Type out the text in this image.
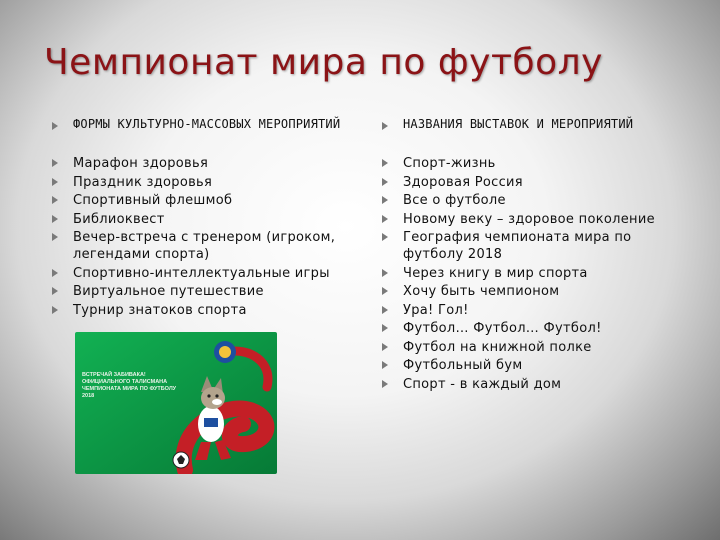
Чемпионат мира по футболу
ФОРМЫ КУЛЬТУРНО-МАССОВЫХ МЕРОПРИЯТИЙ
Марафон здоровья
Праздник здоровья
Спортивный флешмоб
Библиоквест
Вечер-встреча с тренером (игроком, легендами спорта)
Спортивно-интеллектуальные игры
Виртуальное путешествие
Турнир знатоков спорта
НАЗВАНИЯ ВЫСТАВОК И МЕРОПРИЯТИЙ
Спорт-жизнь
Здоровая Россия
Все о футболе
Новому веку – здоровое поколение
География чемпионата мира по футболу 2018
Через книгу в мир спорта
Хочу быть чемпионом
Ура! Гол!
Футбол… Футбол… Футбол!
Футбол на книжной полке
Футбольный бум
Спорт - в каждый дом
ВСТРЕЧАЙ ЗАБИВАКА! ОФИЦИАЛЬНОГО ТАЛИСМАНА ЧЕМПИОНАТА МИРА ПО ФУТБОЛУ 2018
